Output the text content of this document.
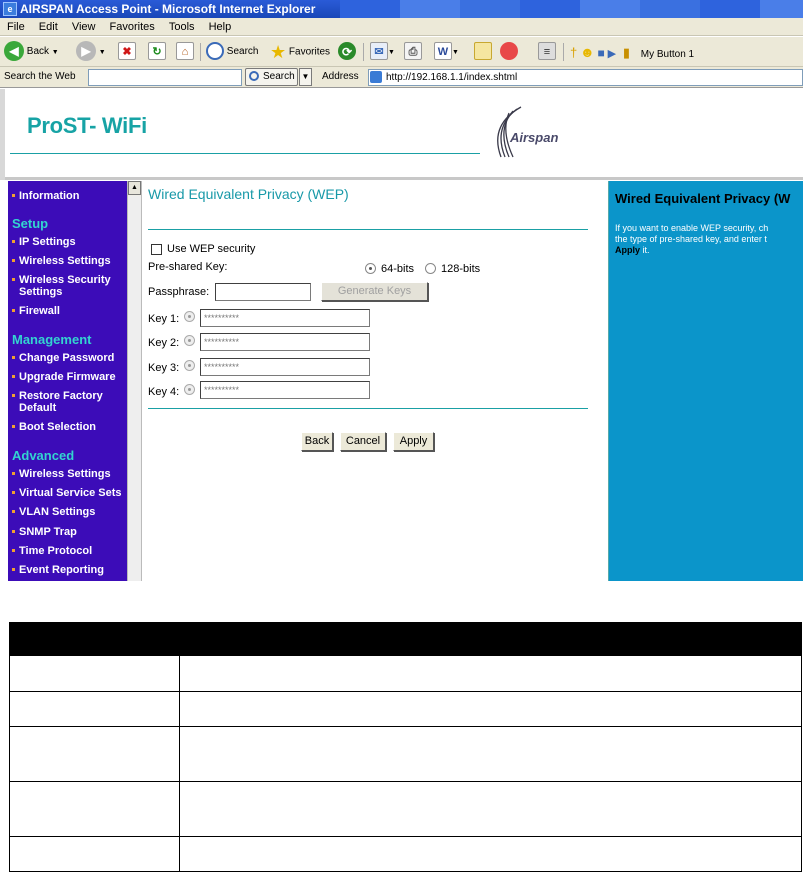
e AIRSPAN Access Point - Microsoft Internet Explorer
File Edit View Favorites Tools Help
◀ Back ▼	▶ ▼	✖	↻	⌂	Search ★ Favorites ⟳	✉ ▼	⎙	W ▼	≡	† ☻ ■ ▶ ▮ My Button 1
Search the Web	Search ▼ Address
http://192.168.1.1/index.shtml
ProST- WiFi	Airspan
Information
Setup
IP Settings
Wireless Settings
Wireless Security Settings
Firewall
Management
Change Password
Upgrade Firmware
Restore Factory Default
Boot Selection
Advanced
Wireless Settings
Virtual Service Sets
VLAN Settings
SNMP Trap
Time Protocol
Event Reporting
▲ Wired Equivalent Privacy (WEP)
Use WEP security
Pre-shared Key:	64-bits 128-bits
Passphrase:	Generate Keys
Key 1:	**********
Key 2:	**********
Key 3:	**********
Key 4:	**********
Back	Cancel	Apply
Wired Equivalent Privacy (W
If you want to enable WEP security, ch
the type of pre-shared key, and enter t
Apply it.
